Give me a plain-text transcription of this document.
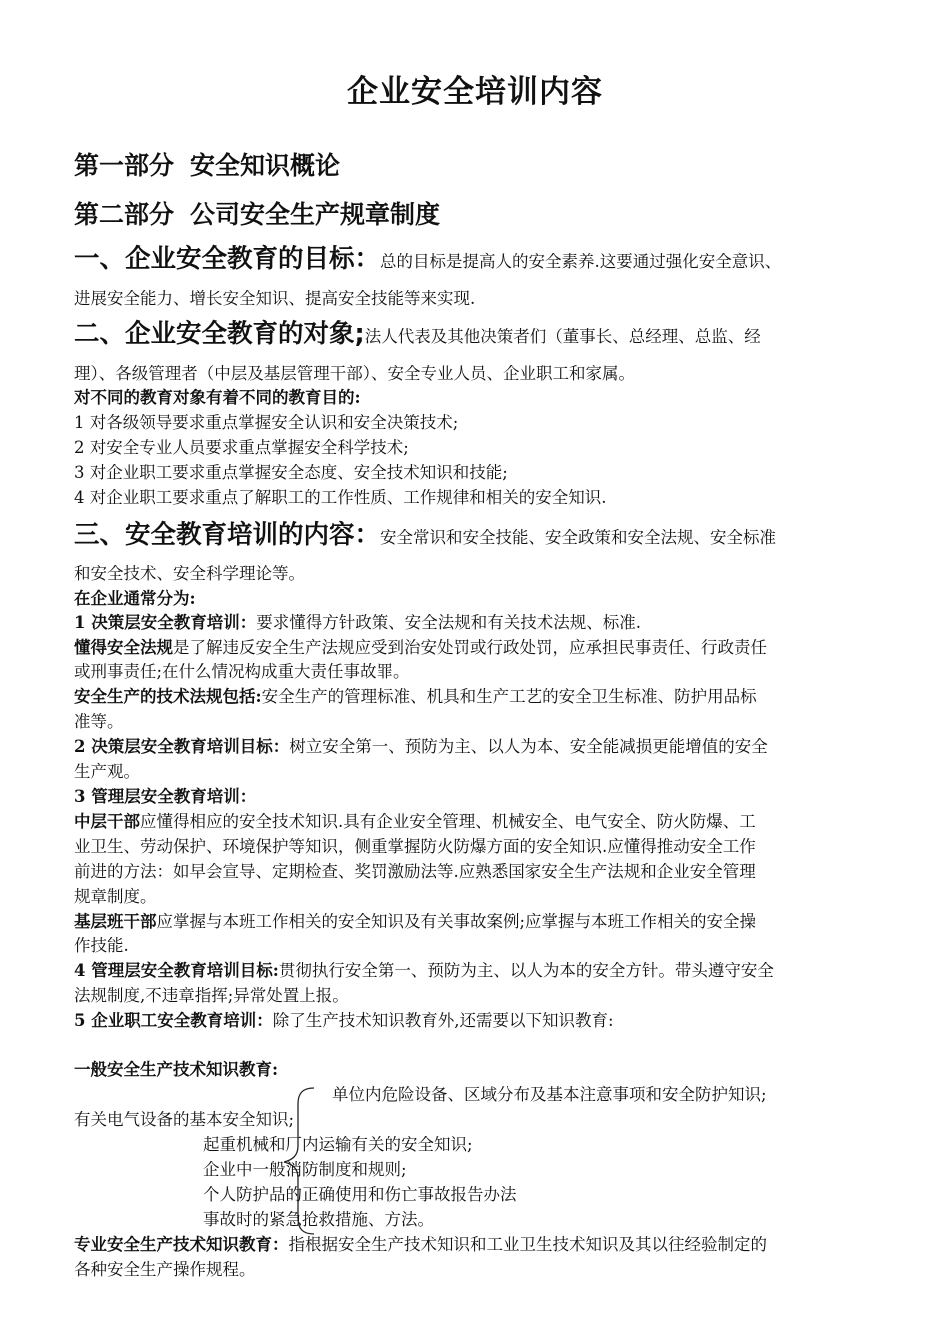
企业安全培训内容
第一部分 安全知识概论
第二部分 公司安全生产规章制度
一、企业安全教育的目标：总的目标是提高人的安全素养.这要通过强化安全意识、
进展安全能力、增长安全知识、提高安全技能等来实现.
二、企业安全教育的对象;法人代表及其他决策者们（董事长、总经理、总监、经
理）、各级管理者（中层及基层管理干部）、安全专业人员、企业职工和家属。
对不同的教育对象有着不同的教育目的:
1 对各级领导要求重点掌握安全认识和安全决策技术;
2 对安全专业人员要求重点掌握安全科学技术;
3 对企业职工要求重点掌握安全态度、安全技术知识和技能;
4 对企业职工要求重点了解职工的工作性质、工作规律和相关的安全知识.
三、安全教育培训的内容：安全常识和安全技能、安全政策和安全法规、安全标准
和安全技术、安全科学理论等。
在企业通常分为:
1 决策层安全教育培训：要求懂得方针政策、安全法规和有关技术法规、标准.
懂得安全法规是了解违反安全生产法规应受到治安处罚或行政处罚，应承担民事责任、行政责任
或刑事责任;在什么情况构成重大责任事故罪。
安全生产的技术法规包括:安全生产的管理标准、机具和生产工艺的安全卫生标准、防护用品标
准等。
2 决策层安全教育培训目标：树立安全第一、预防为主、以人为本、安全能减损更能增值的安全
生产观。
3 管理层安全教育培训：
中层干部应懂得相应的安全技术知识.具有企业安全管理、机械安全、电气安全、防火防爆、工
业卫生、劳动保护、环境保护等知识，侧重掌握防火防爆方面的安全知识.应懂得推动安全工作
前进的方法：如早会宣导、定期检查、奖罚激励法等.应熟悉国家安全生产法规和企业安全管理
规章制度。
基层班干部应掌握与本班工作相关的安全知识及有关事故案例;应掌握与本班工作相关的安全操
作技能.
4 管理层安全教育培训目标:贯彻执行安全第一、预防为主、以人为本的安全方针。带头遵守安全
法规制度,不违章指挥;异常处置上报。
5 企业职工安全教育培训：除了生产技术知识教育外,还需要以下知识教育:
一般安全生产技术知识教育:
单位内危险设备、区域分布及基本注意事项和安全防护知识;
有关电气设备的基本安全知识;
起重机械和厂内运输有关的安全知识;
企业中一般消防制度和规则;
个人防护品的正确使用和伤亡事故报告办法
事故时的紧急抢救措施、方法。
专业安全生产技术知识教育：指根据安全生产技术知识和工业卫生技术知识及其以往经验制定的
各种安全生产操作规程。
